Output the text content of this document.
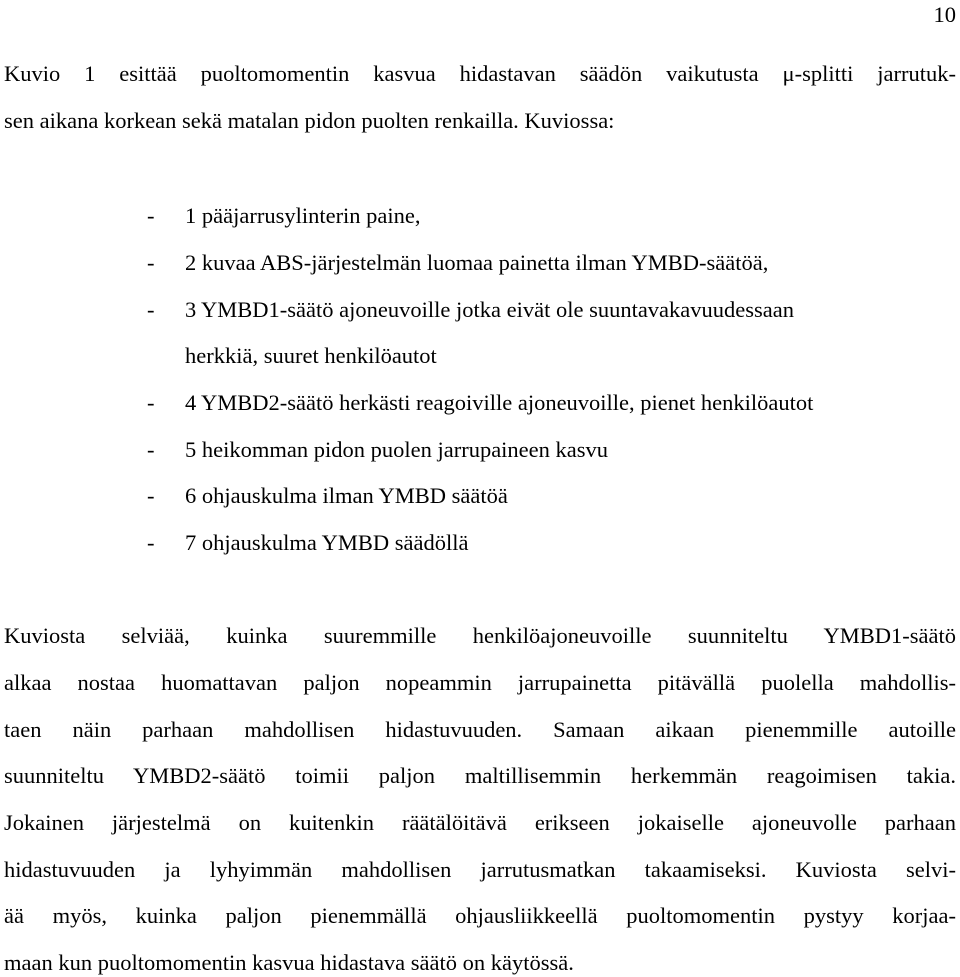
10
Kuvio 1 esittää puoltomomentin kasvua hidastavan säädön vaikutusta μ-splitti jarrutuk-
sen aikana korkean sekä matalan pidon puolten renkailla. Kuviossa:
- 1 pääjarrusylinterin paine,
- 2 kuvaa ABS-järjestelmän luomaa painetta ilman YMBD-säätöä,
- 3 YMBD1-säätö ajoneuvoille jotka eivät ole suuntavakavuudessaan
herkkiä, suuret henkilöautot
- 4 YMBD2-säätö herkästi reagoiville ajoneuvoille, pienet henkilöautot
- 5 heikomman pidon puolen jarrupaineen kasvu
- 6 ohjauskulma ilman YMBD säätöä
- 7 ohjauskulma YMBD säädöllä
Kuviosta selviää, kuinka suuremmille henkilöajoneuvoille suunniteltu YMBD1-säätö
alkaa nostaa huomattavan paljon nopeammin jarrupainetta pitävällä puolella mahdollis-
taen näin parhaan mahdollisen hidastuvuuden. Samaan aikaan pienemmille autoille
suunniteltu YMBD2-säätö toimii paljon maltillisemmin herkemmän reagoimisen takia.
Jokainen järjestelmä on kuitenkin räätälöitävä erikseen jokaiselle ajoneuvolle parhaan
hidastuvuuden ja lyhyimmän mahdollisen jarrutusmatkan takaamiseksi. Kuviosta selvi-
ää myös, kuinka paljon pienemmällä ohjausliikkeellä puoltomomentin pystyy korjaa-
maan kun puoltomomentin kasvua hidastava säätö on käytössä.
